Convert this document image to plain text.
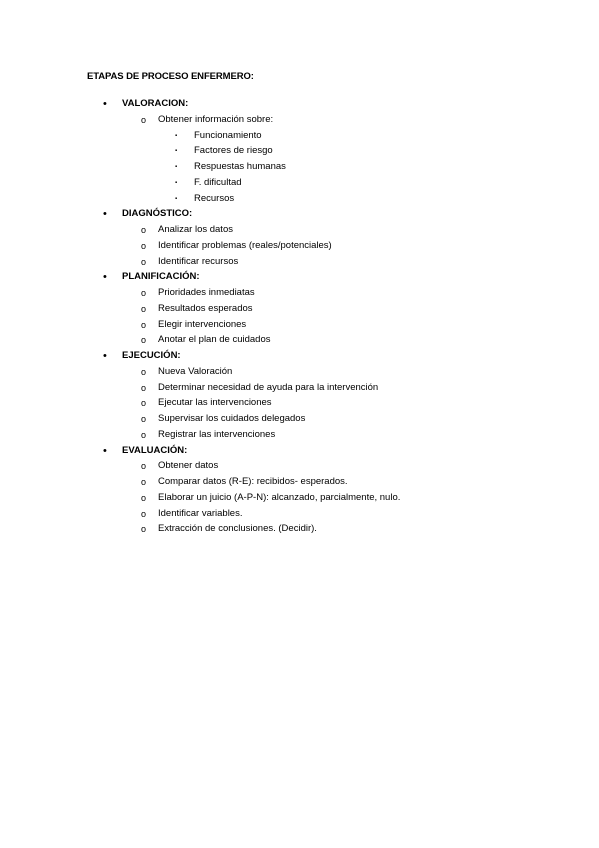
ETAPAS DE PROCESO ENFERMERO:
• VALORACION:
o Obtener información sobre:
▪ Funcionamiento
▪ Factores de riesgo
▪ Respuestas humanas
▪ F. dificultad
▪ Recursos
• DIAGNÓSTICO:
o Analizar los datos
o Identificar problemas (reales/potenciales)
o Identificar recursos
• PLANIFICACIÓN:
o Prioridades inmediatas
o Resultados esperados
o Elegir intervenciones
o Anotar el plan de cuidados
• EJECUCIÓN:
o Nueva Valoración
o Determinar necesidad de ayuda para la intervención
o Ejecutar las intervenciones
o Supervisar los cuidados delegados
o Registrar las intervenciones
• EVALUACIÓN:
o Obtener datos
o Comparar datos (R-E): recibidos- esperados.
o Elaborar un juicio (A-P-N): alcanzado, parcialmente, nulo.
o Identificar variables.
o Extracción de conclusiones. (Decidir).
